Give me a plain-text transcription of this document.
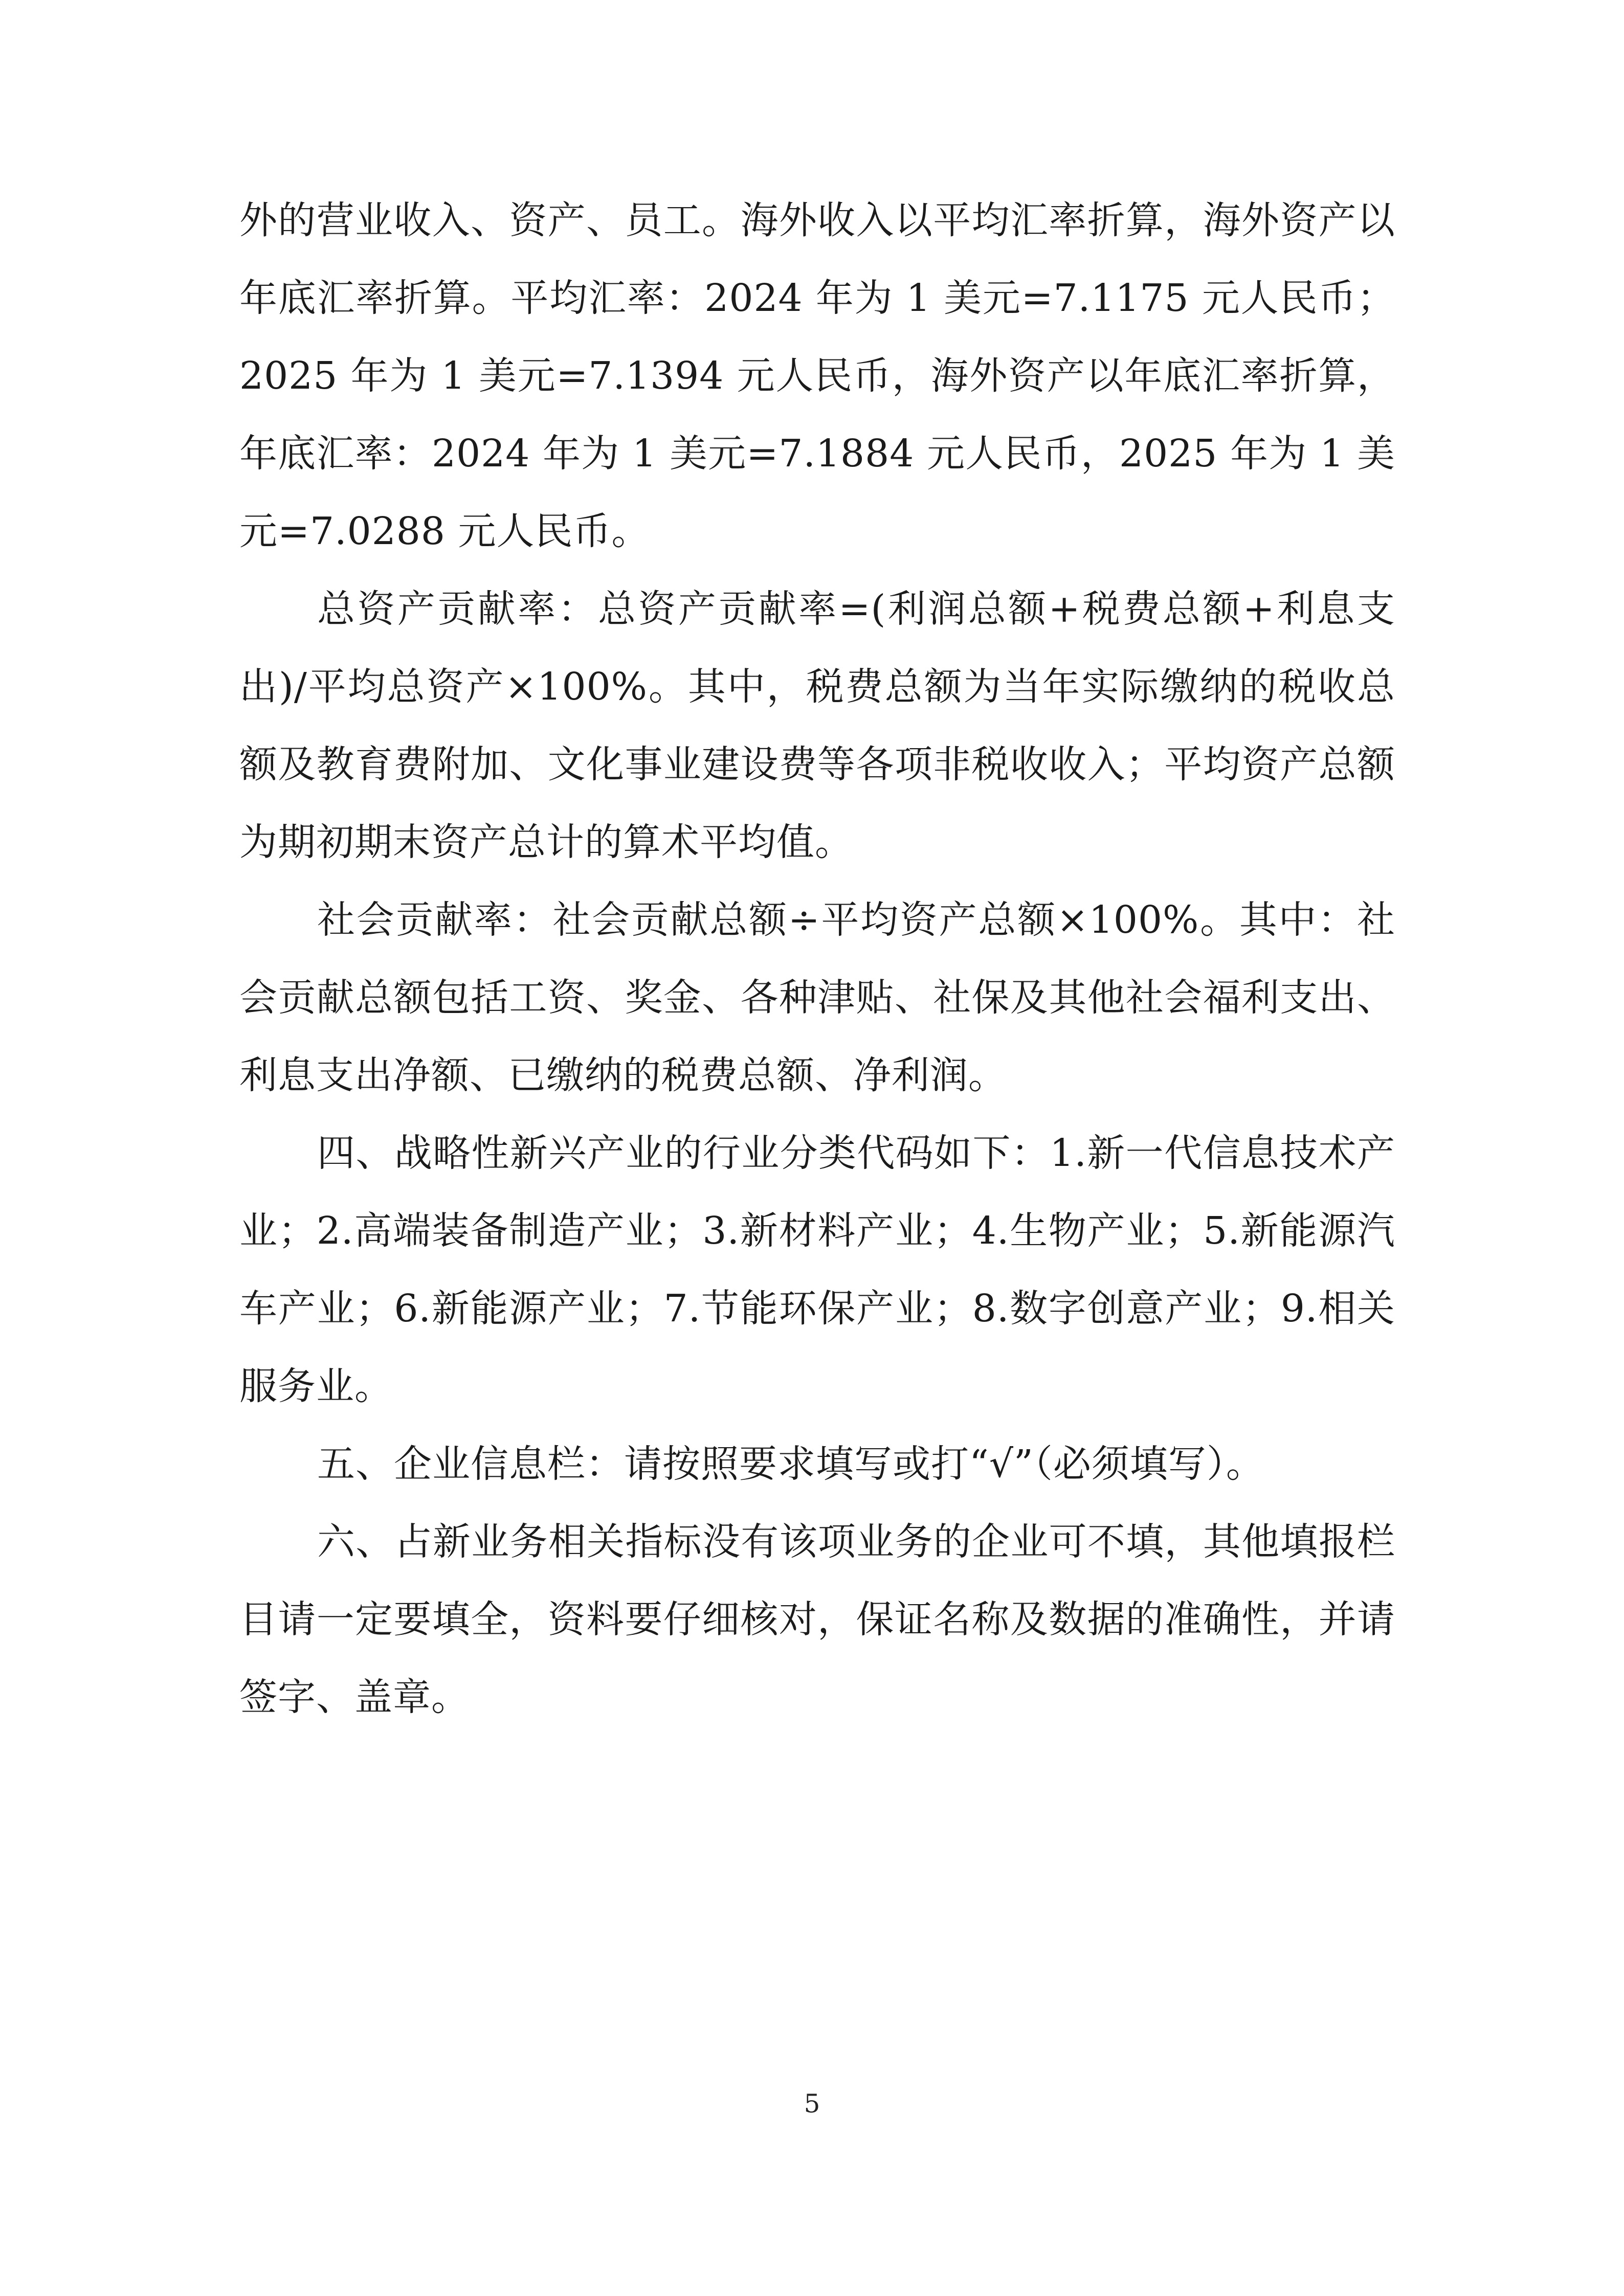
外的营业收入、资产、员工。海外收入以平均汇率折算，海外资产以年底汇率折算。平均汇率：2024 年为 1 美元=7.1175 元人民币；2025 年为 1 美元=7.1394 元人民币，海外资产以年底汇率折算，年底汇率：2024 年为 1 美元=7.1884 元人民币，2025 年为 1 美元=7.0288 元人民币。

总资产贡献率：总资产贡献率=(利润总额+税费总额+利息支出)/平均总资产×100%。其中，税费总额为当年实际缴纳的税收总额及教育费附加、文化事业建设费等各项非税收收入；平均资产总额为期初期末资产总计的算术平均值。

社会贡献率：社会贡献总额÷平均资产总额×100%。其中：社会贡献总额包括工资、奖金、各种津贴、社保及其他社会福利支出、利息支出净额、已缴纳的税费总额、净利润。

四、战略性新兴产业的行业分类代码如下：1.新一代信息技术产业；2.高端装备制造产业；3.新材料产业；4.生物产业；5.新能源汽车产业；6.新能源产业；7.节能环保产业；8.数字创意产业；9.相关服务业。

五、企业信息栏：请按照要求填写或打“√”（必须填写）。

六、占新业务相关指标没有该项业务的企业可不填，其他填报栏目请一定要填全，资料要仔细核对，保证名称及数据的准确性，并请签字、盖章。

5
